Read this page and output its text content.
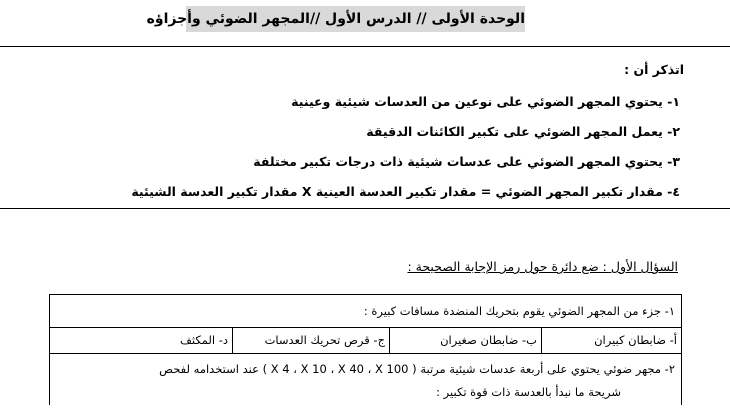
الوحدة الأولى // الدرس الأول //المجهر الضوئي وأجزاؤه
اتذكر أن :
١- يحتوي المجهر الضوئي على نوعين من العدسات شيئية وعينية
٢- يعمل المجهر الضوئي على تكبير الكائنات الدقيقة
٣- يحتوي المجهر الضوئي على عدسات شيئية ذات درجات تكبير مختلفة
٤- مقدار تكبير المجهر الضوئي = مقدار تكبير العدسة العينية X مقدار تكبير العدسة الشيئية
السؤال الأول : ضع دائرة حول رمز الإجابة الصحيحة :
١- جزء من المجهر الضوئي يقوم بتحريك المنضدة مسافات كبيرة :
أ- ضابطان كبيران
ب- ضابطان صغيران
ج- قرص تحريك العدسات
د- المكثف
٢- مجهر ضوئي يحتوي على أربعة عدسات شيئية مرتبة ( X 4 ، X 10 ، X 40 ، X 100 ) عند استخدامه لفحص
شريحة ما نبدأ بالعدسة ذات قوة تكبير :
